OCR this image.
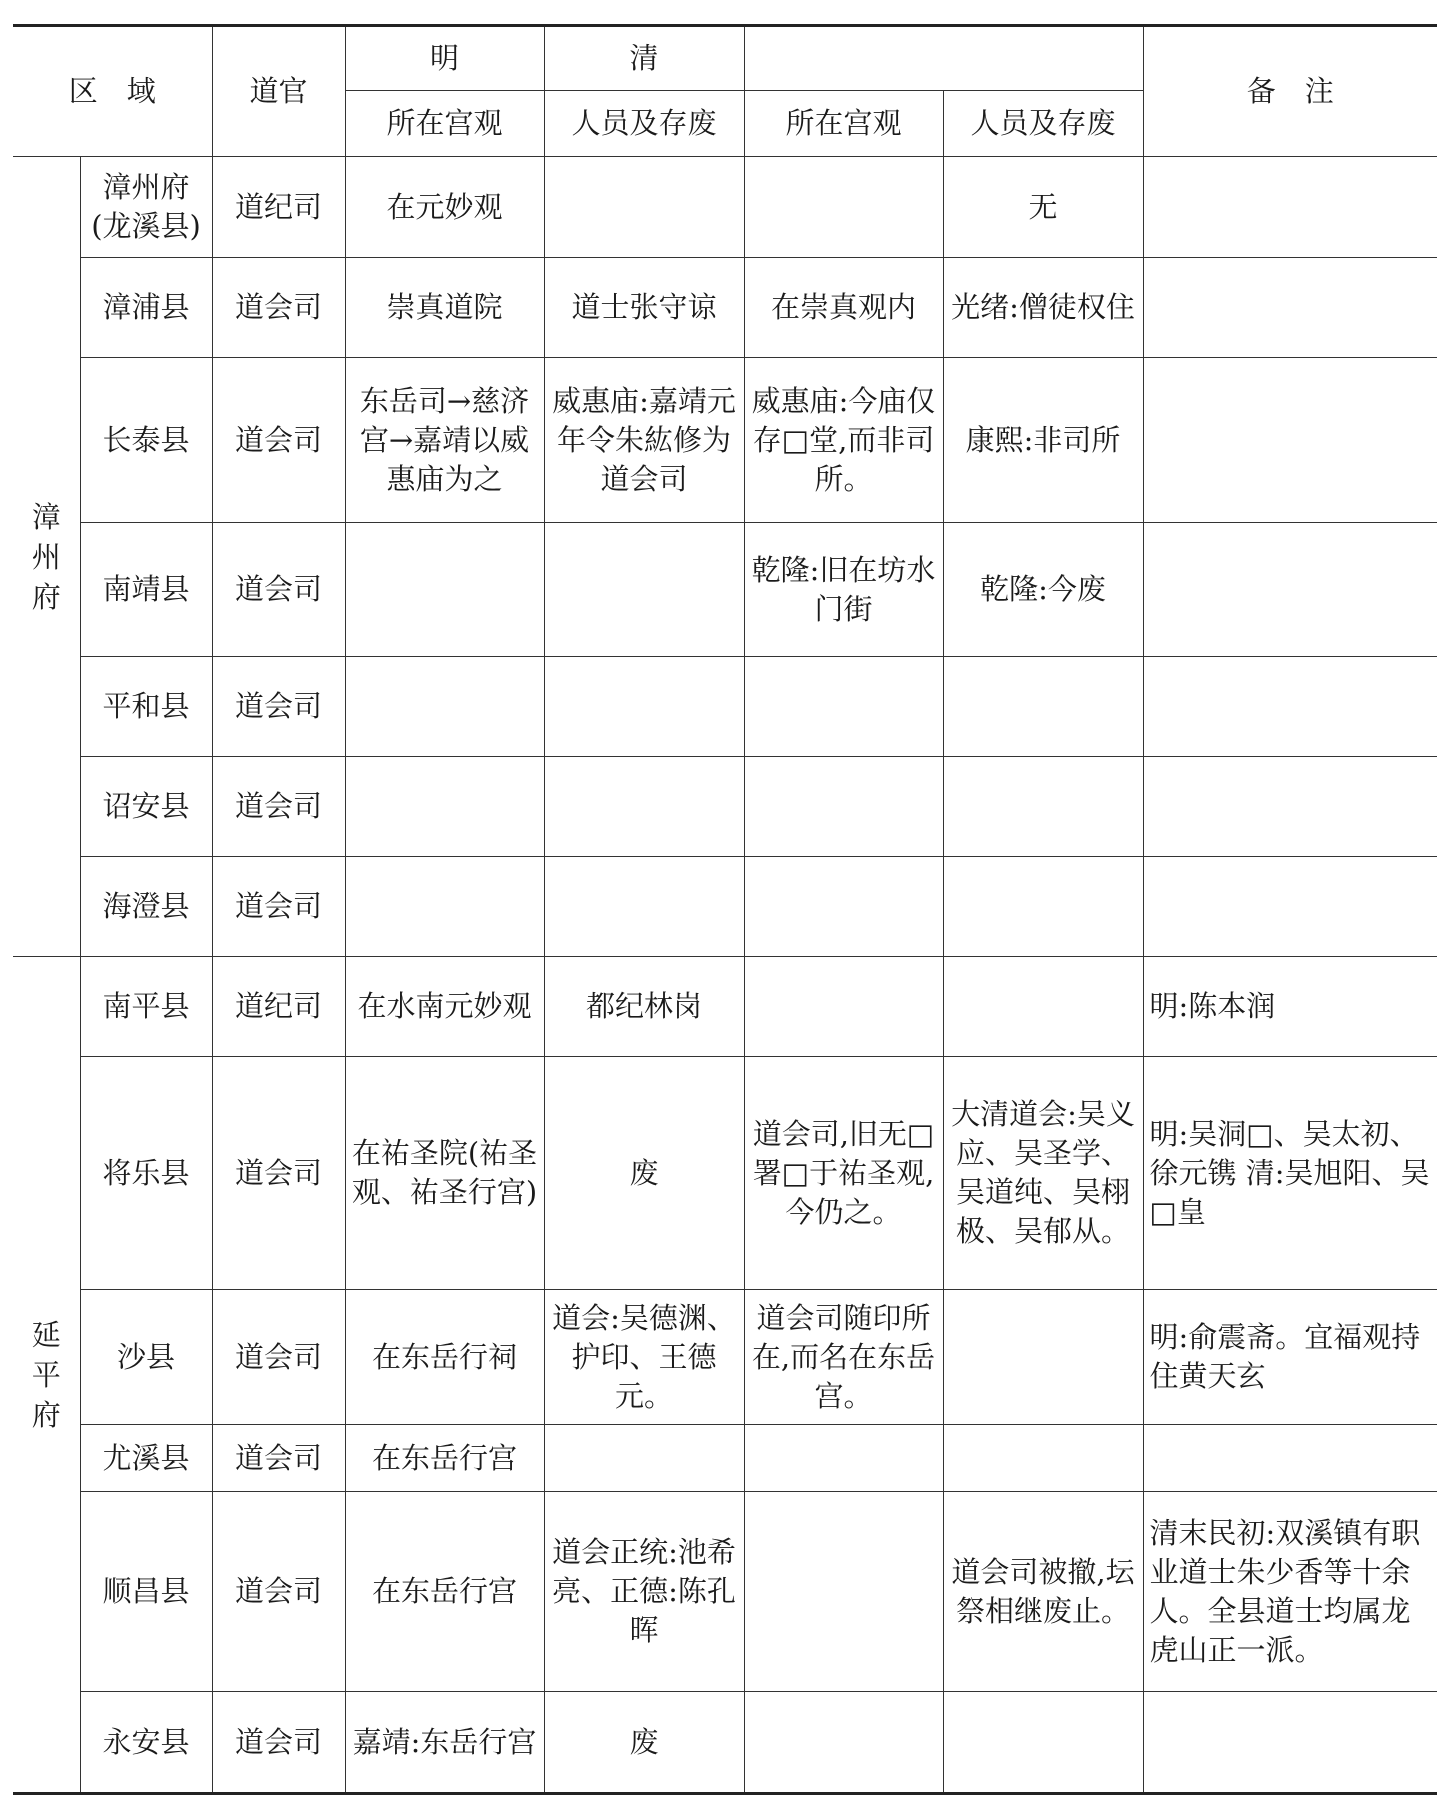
区　域		道官	明	清			备　注
			所在宫观	人员及存废	所在宫观	人员及存废	

漳州府	漳州府(龙溪县)	道纪司	在元妙观			无	
	漳浦县	道会司	崇真道院	道士张守谅	在崇真观内	光绪:僧徒权住	
	长泰县	道会司	东岳司→慈济宫→嘉靖以威惠庙为之	威惠庙:嘉靖元年令朱紘修为道会司	威惠庙:今庙仅存□堂,而非司所。	康熙:非司所	
	南靖县	道会司			乾隆:旧在坊水门街	乾隆:今废	
	平和县	道会司					
	诏安县	道会司					
	海澄县	道会司					

延平府	南平县	道纪司	在水南元妙观	都纪林岗			明:陈本润
	将乐县	道会司	在祐圣院(祐圣观、祐圣行宫)	废	道会司,旧无□署□于祐圣观,今仍之。	大清道会:吴义应、吴圣学、吴道纯、吴栩极、吴郁从。	明:吴洞□、吴太初、徐元镌 清:吴旭阳、吴□皇
	沙县	道会司	在东岳行祠	道会:吴德渊、护印、王德元。	道会司随印所在,而名在东岳宫。		明:俞震斋。宜福观持住黄天玄
	尤溪县	道会司	在东岳行宫				
	顺昌县	道会司	在东岳行宫	道会正统:池希亮、正德:陈孔晖		道会司被撤,坛祭相继废止。	清末民初:双溪镇有职业道士朱少香等十余人。全县道士均属龙虎山正一派。
	永安县	道会司	嘉靖:东岳行宫	废			
